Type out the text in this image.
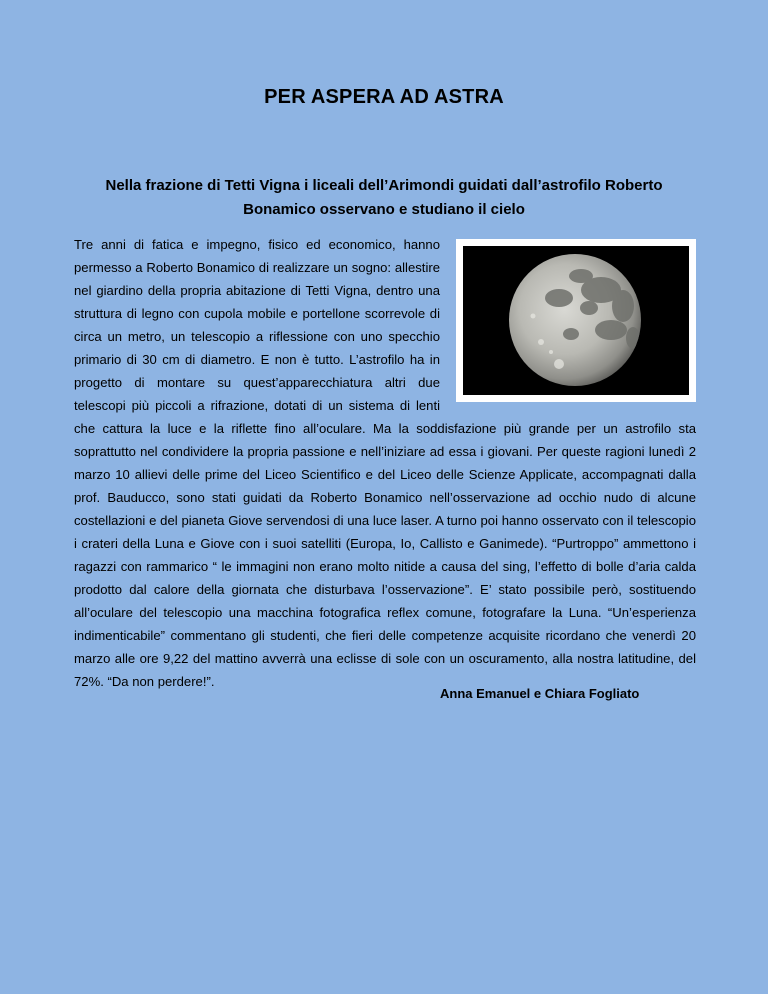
PER ASPERA AD ASTRA
Nella frazione di Tetti Vigna i liceali dell’Arimondi guidati dall’astrofilo Roberto Bonamico osservano e studiano il cielo

Tre anni di fatica e impegno, fisico ed economico, hanno permesso a Roberto Bonamico di realizzare un sogno: allestire nel giardino della propria abitazione di Tetti Vigna, dentro una struttura di legno con cupola mobile e portellone scorrevole di circa un metro, un telescopio a riflessione con uno specchio primario di 30 cm di diametro. E non è tutto. L’astrofilo ha in progetto di montare su quest’apparecchiatura altri due telescopi più piccoli a rifrazione, dotati di un sistema di lenti che cattura la luce e la riflette fino all’oculare. Ma la soddisfazione più grande per un astrofilo sta soprattutto nel condividere la propria passione e nell’iniziare ad essa i giovani. Per queste ragioni lunedì 2 marzo 10 allievi delle prime del Liceo Scientifico e del Liceo delle Scienze Applicate, accompagnati dalla prof. Bauducco, sono stati guidati da Roberto Bonamico nell’osservazione ad occhio nudo di alcune costellazioni e del pianeta Giove servendosi di una luce laser. A turno poi hanno osservato con il telescopio i crateri della Luna e Giove con i suoi satelliti (Europa, Io, Callisto e Ganimede). “Purtroppo” ammettono i ragazzi con rammarico “ le immagini non erano molto nitide a causa del sing, l’effetto di bolle d’aria calda prodotto dal calore della giornata che disturbava l’osservazione”. E’ stato possibile però, sostituendo all’oculare del telescopio una macchina fotografica reflex comune, fotografare la Luna. “Un’esperienza indimenticabile” commentano gli studenti, che fieri delle competenze acquisite ricordano che venerdì 20 marzo alle ore 9,22 del mattino avverrà una eclisse di sole con un oscuramento, alla nostra latitudine, del 72%. “Da non perdere!”.

Anna Emanuel e Chiara Fogliato
